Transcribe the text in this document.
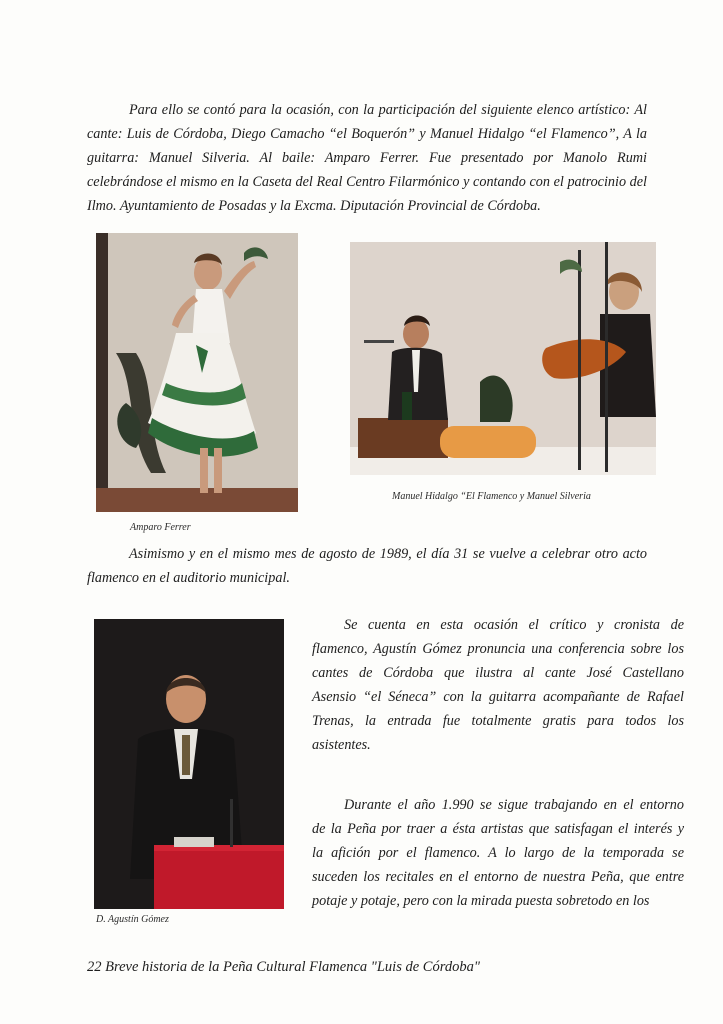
Para ello se contó para la ocasión, con la participación del siguiente elenco artístico: Al
cante: Luis de Córdoba, Diego Camacho “el Boquerón” y Manuel Hidalgo “el Flamenco”, A la
guitarra: Manuel Silveria. Al baile: Amparo Ferrer. Fue presentado por Manolo Rumi
celebrándose el mismo en la Caseta del Real Centro Filarmónico y contando con el patrocinio del
Ilmo. Ayuntamiento de Posadas y la Excma. Diputación Provincial de Córdoba.
Amparo Ferrer
Manuel Hidalgo “El Flamenco y Manuel Silveria
Asimismo y en el mismo mes de agosto de 1989, el día 31 se vuelve a celebrar otro acto
flamenco en el auditorio municipal.
Se cuenta en esta ocasión el crítico y cronista de
flamenco, Agustín Gómez pronuncia una conferencia sobre los
cantes de Córdoba que ilustra al cante José Castellano
Asensio “el Séneca” con la guitarra acompañante de Rafael
Trenas, la entrada fue totalmente gratis para todos los
asistentes.
Durante el año 1.990 se sigue trabajando en el entorno
de la Peña por traer a ésta artistas que satisfagan el interés y
la afición por el flamenco. A lo largo de la temporada se
suceden los recitales en el entorno de nuestra Peña, que entre
potaje y potaje, pero con la mirada puesta sobretodo en los
D. Agustín Gómez
22 Breve historia de la Peña Cultural Flamenca "Luis de Córdoba"
